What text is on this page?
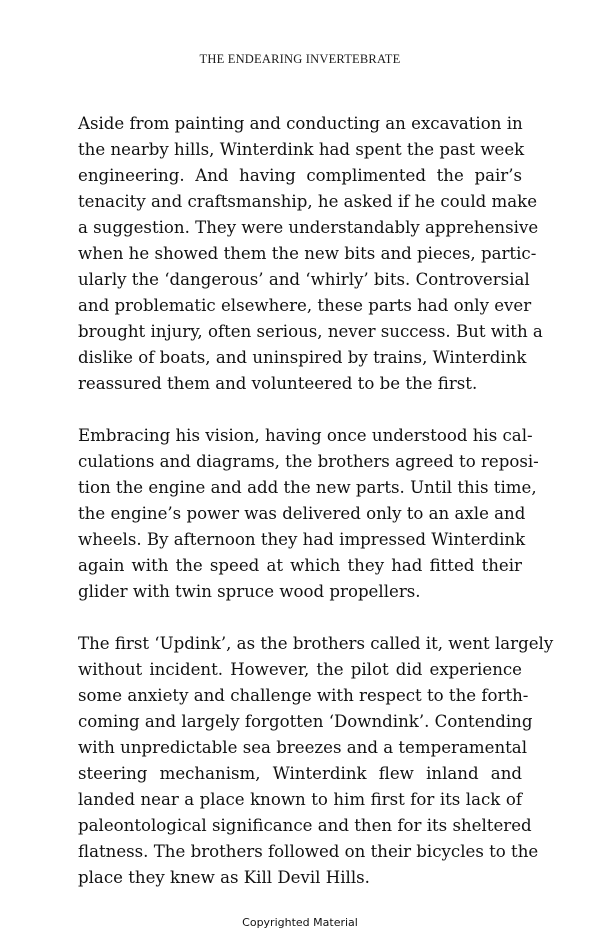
THE ENDEARING INVERTEBRATE

Aside from painting and conducting an excavation in
the nearby hills, Winterdink had spent the past week
engineering. And having complimented the pair’s
tenacity and craftsmanship, he asked if he could make
a suggestion. They were understandably apprehensive
when he showed them the new bits and pieces, partic-
ularly the ‘dangerous’ and ‘whirly’ bits. Controversial
and problematic elsewhere, these parts had only ever
brought injury, often serious, never success. But with a
dislike of boats, and uninspired by trains, Winterdink
reassured them and volunteered to be the first.

Embracing his vision, having once understood his cal-
culations and diagrams, the brothers agreed to reposi-
tion the engine and add the new parts. Until this time,
the engine’s power was delivered only to an axle and
wheels. By afternoon they had impressed Winterdink
again with the speed at which they had fitted their
glider with twin spruce wood propellers.

The first ‘Updink’, as the brothers called it, went largely
without incident. However, the pilot did experience
some anxiety and challenge with respect to the forth-
coming and largely forgotten ‘Downdink’. Contending
with unpredictable sea breezes and a temperamental
steering mechanism, Winterdink flew inland and
landed near a place known to him first for its lack of
paleontological significance and then for its sheltered
flatness. The brothers followed on their bicycles to the
place they knew as Kill Devil Hills.

Copyrighted Material
